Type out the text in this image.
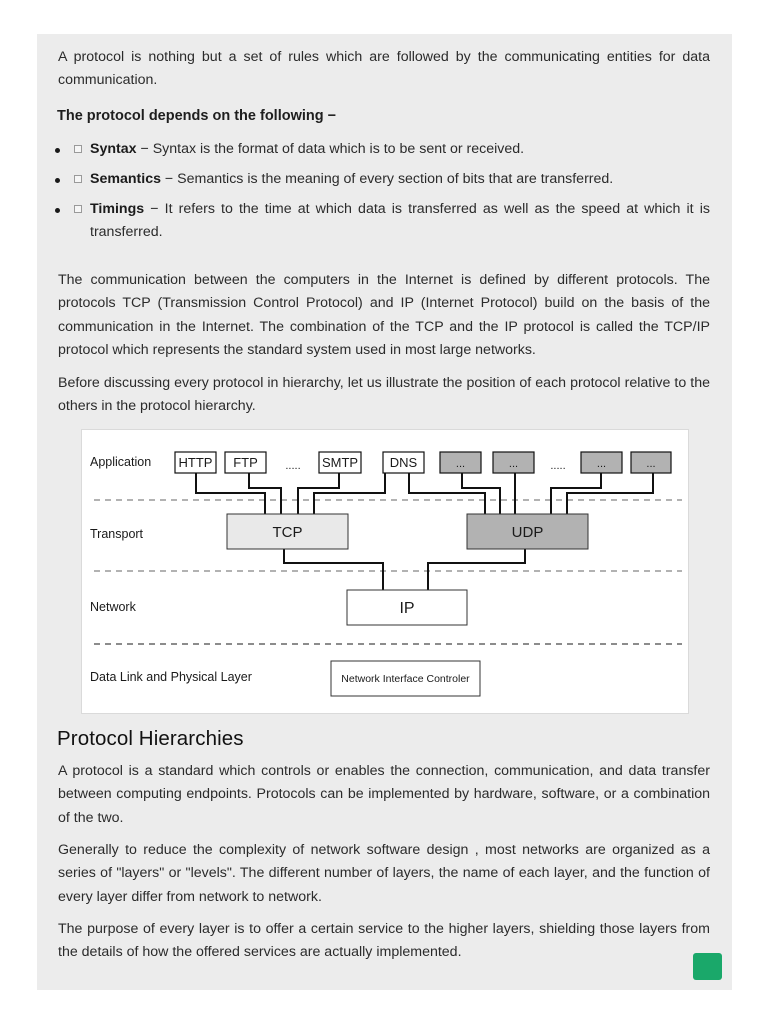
A protocol is nothing but a set of rules which are followed by the communicating entities for data communication.

The protocol depends on the following −

Syntax − Syntax is the format of data which is to be sent or received.
Semantics − Semantics is the meaning of every section of bits that are transferred.
Timings − It refers to the time at which data is transferred as well as the speed at which it is transferred.

The communication between the computers in the Internet is defined by different protocols. The protocols TCP (Transmission Control Protocol) and IP (Internet Protocol) build on the basis of the communication in the Internet. The combination of the TCP and the IP protocol is called the TCP/IP protocol which represents the standard system used in most large networks.

Before discussing every protocol in hierarchy, let us illustrate the position of each protocol relative to the others in the protocol hierarchy.

Application
Transport
Network
Data Link and Physical Layer
HTTP FTP	..... SMTP DNS	...	...	.....	...	...
TCP	UDP
IP
Network Interface Controler
Protocol Hierarchies

A protocol is a standard which controls or enables the connection, communication, and data transfer between computing endpoints. Protocols can be implemented by hardware, software, or a combination of the two.

Generally to reduce the complexity of network software design , most networks are organized as a series of "layers" or "levels". The different number of layers, the name of each layer, and the function of every layer differ from network to network.

The purpose of every layer is to offer a certain service to the higher layers, shielding those layers from the details of how the offered services are actually implemented.
